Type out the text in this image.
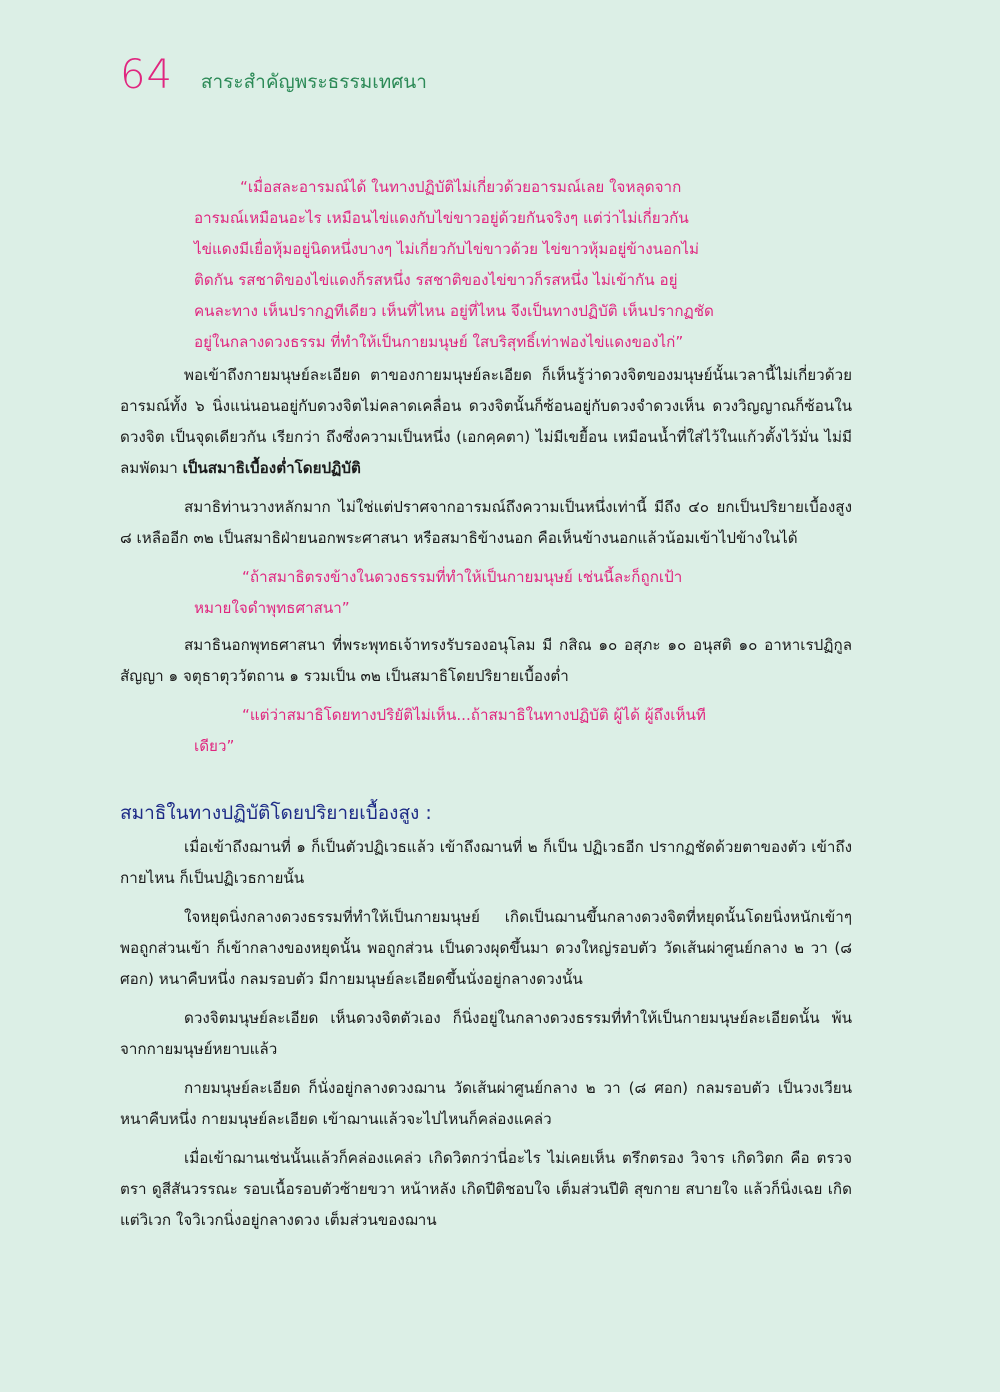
64 สาระสำคัญพระธรรมเทศนา

“เมื่อสละอารมณ์ได้ ในทางปฏิบัติไม่เกี่ยวด้วยอารมณ์เลย ใจหลุดจาก
อารมณ์เหมือนอะไร เหมือนไข่แดงกับไข่ขาวอยู่ด้วยกันจริงๆ แต่ว่าไม่เกี่ยวกัน
ไข่แดงมีเยื่อหุ้มอยู่นิดหนึ่งบางๆ ไม่เกี่ยวกับไข่ขาวด้วย ไข่ขาวหุ้มอยู่ข้างนอกไม่
ติดกัน รสชาติของไข่แดงก็รสหนึ่ง รสชาติของไข่ขาวก็รสหนึ่ง ไม่เข้ากัน อยู่
คนละทาง เห็นปรากฏทีเดียว เห็นที่ไหน อยู่ที่ไหน จึงเป็นทางปฏิบัติ เห็นปรากฏชัด
อยู่ในกลางดวงธรรม ที่ทำให้เป็นกายมนุษย์ ใสบริสุทธิ์เท่าฟองไข่แดงของไก่”

พอเข้าถึงกายมนุษย์ละเอียด ตาของกายมนุษย์ละเอียด ก็เห็นรู้ว่าดวงจิตของมนุษย์นั้นเวลานี้ไม่เกี่ยวด้วยอารมณ์ทั้ง ๖ นิ่งแน่นอนอยู่กับดวงจิตไม่คลาดเคลื่อน ดวงจิตนั้นก็ซ้อนอยู่กับดวงจำดวงเห็น ดวงวิญญาณก็ซ้อนในดวงจิต เป็นจุดเดียวกัน เรียกว่า ถึงซึ่งความเป็นหนึ่ง (เอกคฺคตา) ไม่มีเขยื้อน เหมือนน้ำที่ใส่ไว้ในแก้วตั้งไว้มั่น ไม่มีลมพัดมา เป็นสมาธิเบื้องต่ำโดยปฏิบัติ

สมาธิท่านวางหลักมาก ไม่ใช่แต่ปราศจากอารมณ์ถึงความเป็นหนึ่งเท่านี้ มีถึง ๔๐ ยกเป็นปริยายเบื้องสูง ๘ เหลืออีก ๓๒ เป็นสมาธิฝ่ายนอกพระศาสนา หรือสมาธิข้างนอก คือเห็นข้างนอกแล้วน้อมเข้าไปข้างในได้

“ถ้าสมาธิตรงข้างในดวงธรรมที่ทำให้เป็นกายมนุษย์ เช่นนี้ละก็ถูกเป้า
หมายใจดำพุทธศาสนา”

สมาธินอกพุทธศาสนา ที่พระพุทธเจ้าทรงรับรองอนุโลม มี กสิณ ๑๐ อสุภะ ๑๐ อนุสติ ๑๐ อาหาเรปฏิกูลสัญญา ๑ จตุธาตุววัตถาน ๑ รวมเป็น ๓๒ เป็นสมาธิโดยปริยายเบื้องต่ำ

“แต่ว่าสมาธิโดยทางปริยัติไม่เห็น...ถ้าสมาธิในทางปฏิบัติ ผู้ได้ ผู้ถึงเห็นที
เดียว”

สมาธิในทางปฏิบัติโดยปริยายเบื้องสูง :

เมื่อเข้าถึงฌานที่ ๑ ก็เป็นตัวปฏิเวธแล้ว เข้าถึงฌานที่ ๒ ก็เป็น ปฏิเวธอีก ปรากฏชัดด้วยตาของตัว เข้าถึงกายไหน ก็เป็นปฏิเวธกายนั้น

ใจหยุดนิ่งกลางดวงธรรมที่ทำให้เป็นกายมนุษย์ เกิดเป็นฌานขึ้นกลางดวงจิตที่หยุดนั้นโดยนิ่งหนักเข้าๆ พอถูกส่วนเข้า ก็เข้ากลางของหยุดนั้น พอถูกส่วน เป็นดวงผุดขึ้นมา ดวงใหญ่รอบตัว วัดเส้นผ่าศูนย์กลาง ๒ วา (๘ ศอก) หนาคืบหนึ่ง กลมรอบตัว มีกายมนุษย์ละเอียดขึ้นนั่งอยู่กลางดวงนั้น

ดวงจิตมนุษย์ละเอียด เห็นดวงจิตตัวเอง ก็นิ่งอยู่ในกลางดวงธรรมที่ทำให้เป็นกายมนุษย์ละเอียดนั้น พ้นจากกายมนุษย์หยาบแล้ว

กายมนุษย์ละเอียด ก็นั่งอยู่กลางดวงฌาน วัดเส้นผ่าศูนย์กลาง ๒ วา (๘ ศอก) กลมรอบตัว เป็นวงเวียนหนาคืบหนึ่ง กายมนุษย์ละเอียด เข้าฌานแล้วจะไปไหนก็คล่องแคล่ว

เมื่อเข้าฌานเช่นนั้นแล้วก็คล่องแคล่ว เกิดวิตกว่านี่อะไร ไม่เคยเห็น ตรึกตรอง วิจาร เกิดวิตก คือ ตรวจตรา ดูสีสันวรรณะ รอบเนื้อรอบตัวซ้ายขวา หน้าหลัง เกิดปีติชอบใจ เต็มส่วนปีติ สุขกาย สบายใจ แล้วก็นิ่งเฉย เกิดแต่วิเวก ใจวิเวกนิ่งอยู่กลางดวง เต็มส่วนของฌาน
